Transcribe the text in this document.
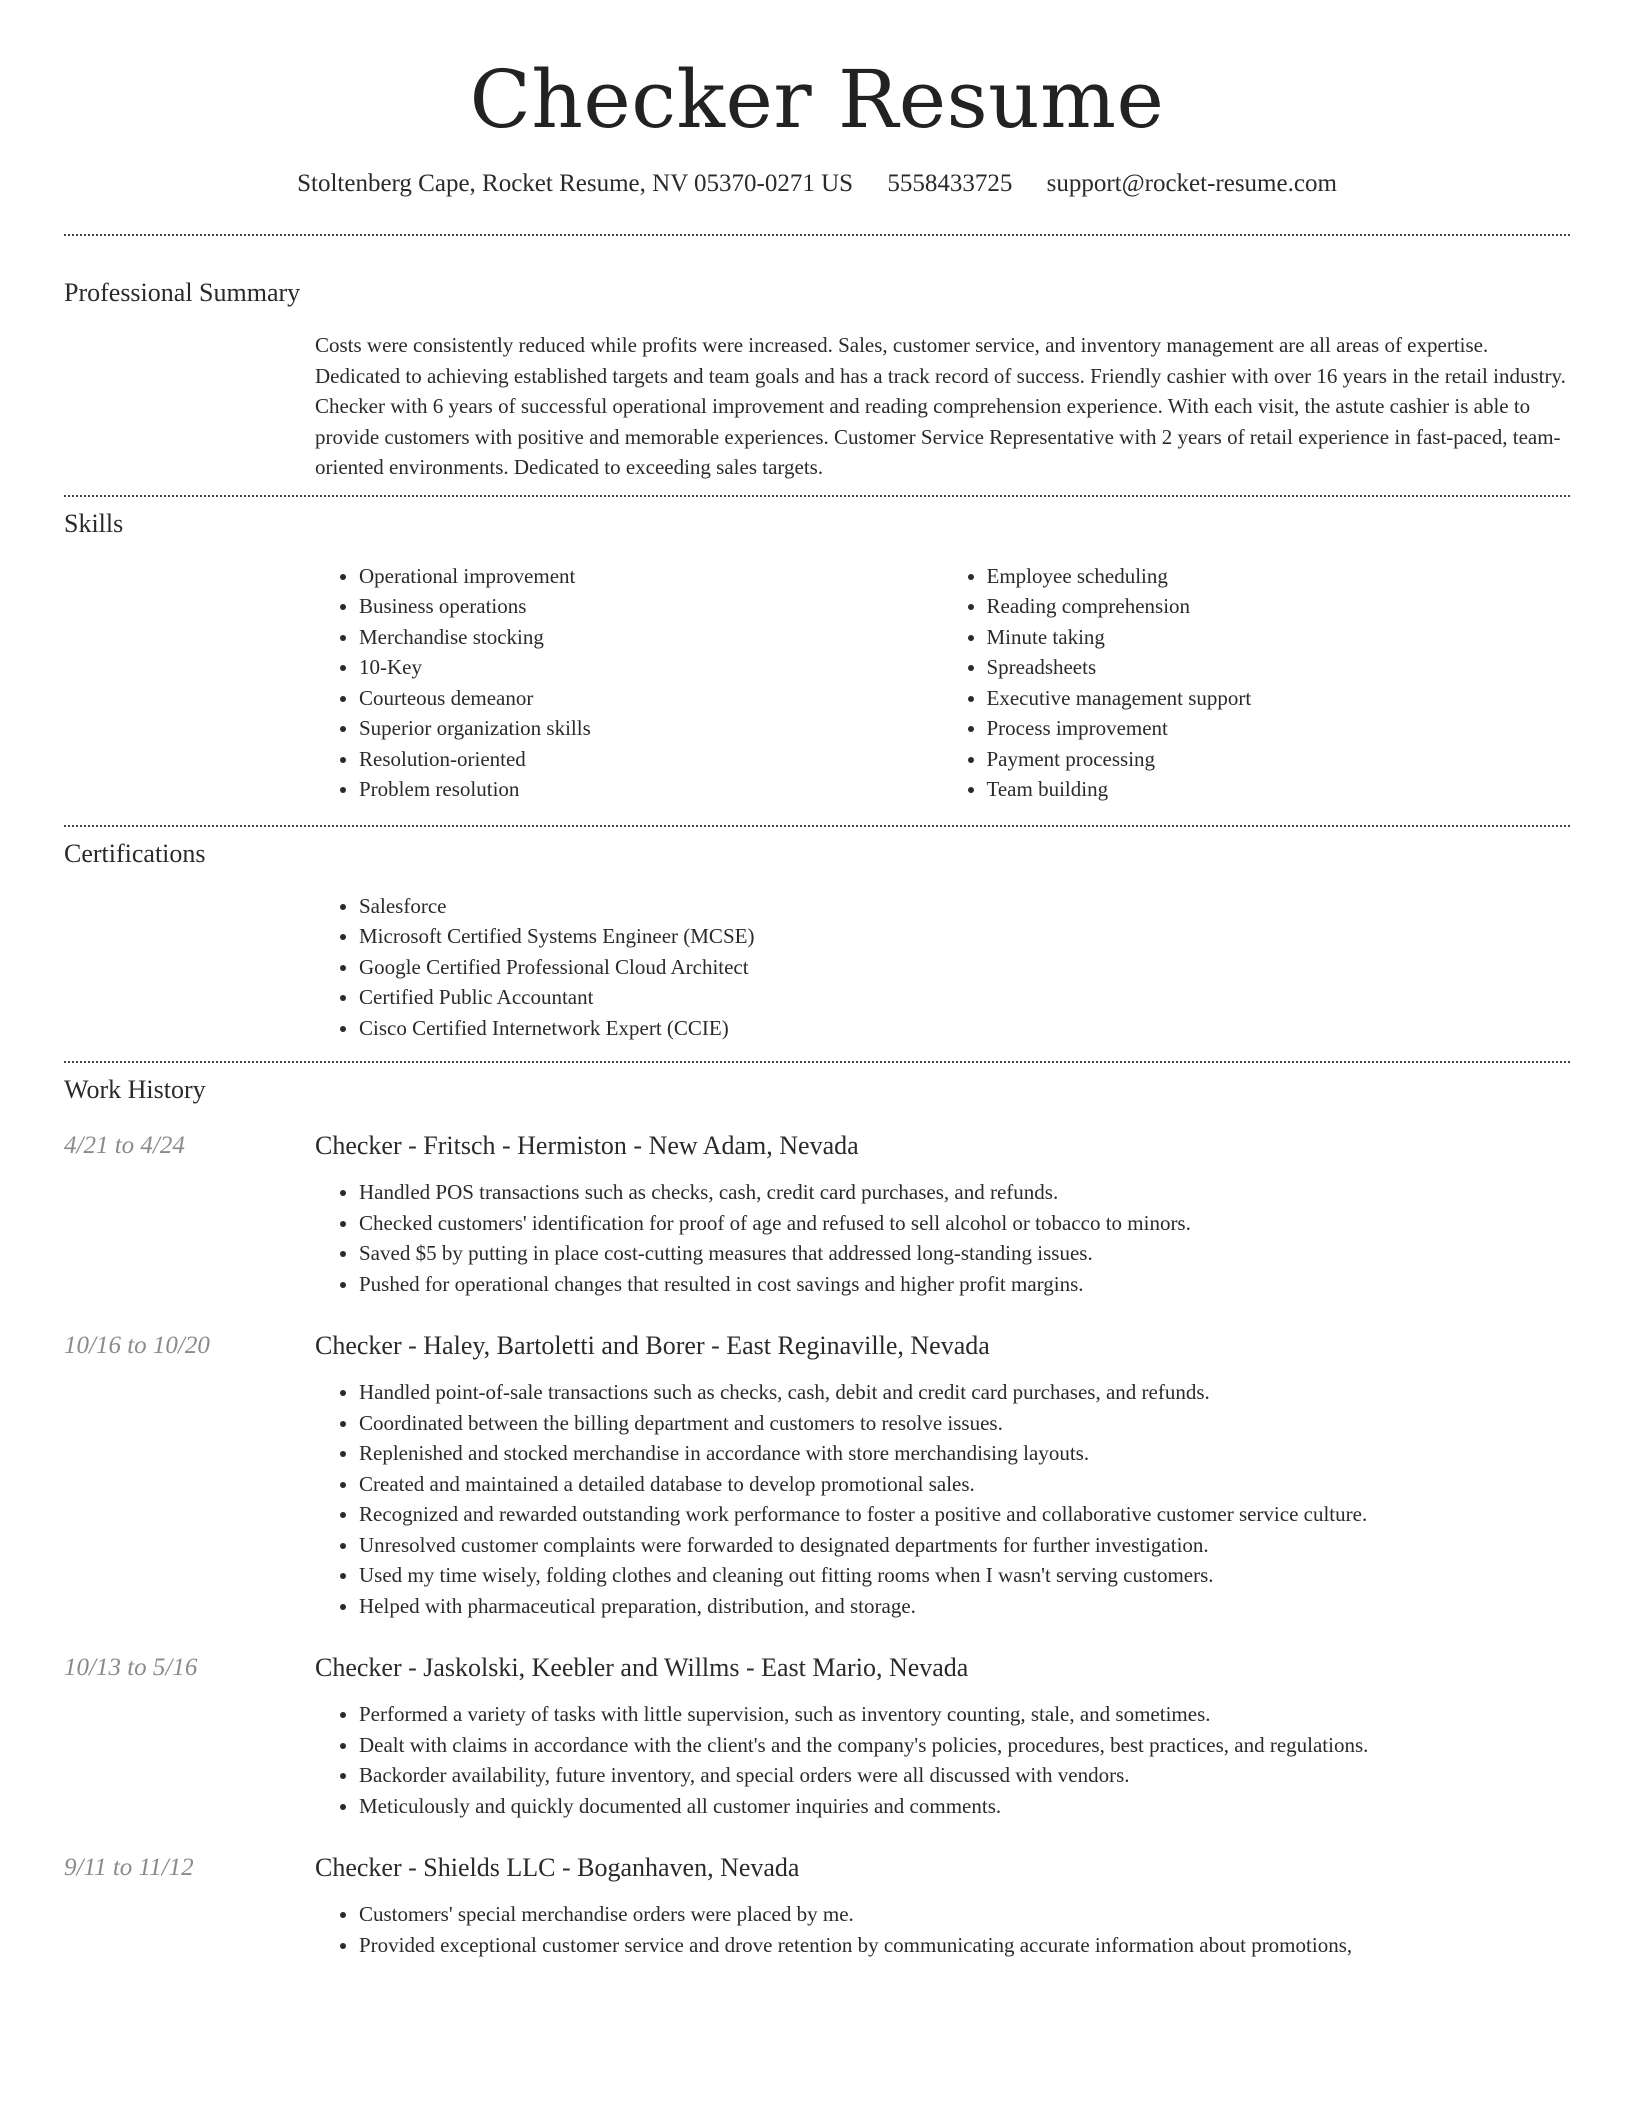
Checker Resume
Stoltenberg Cape, Rocket Resume, NV 05370-0271 US 5558433725 support@rocket-resume.com
Professional Summary

Costs were consistently reduced while profits were increased. Sales, customer service, and inventory management are all areas of expertise. Dedicated to achieving established targets and team goals and has a track record of success. Friendly cashier with over 16 years in the retail industry. Checker with 6 years of successful operational improvement and reading comprehension experience. With each visit, the astute cashier is able to provide customers with positive and memorable experiences. Customer Service Representative with 2 years of retail experience in fast-paced, team-oriented environments. Dedicated to exceeding sales targets.

Skills
• Operational improvement
• Business operations
• Merchandise stocking
• 10-Key
• Courteous demeanor
• Superior organization skills
• Resolution-oriented
• Problem resolution
• Employee scheduling
• Reading comprehension
• Minute taking
• Spreadsheets
• Executive management support
• Process improvement
• Payment processing
• Team building
Certifications
• Salesforce
• Microsoft Certified Systems Engineer (MCSE)
• Google Certified Professional Cloud Architect
• Certified Public Accountant
• Cisco Certified Internetwork Expert (CCIE)
Work History
4/21 to 4/24	Checker - Fritsch - Hermiston - New Adam, Nevada
• Handled POS transactions such as checks, cash, credit card purchases, and refunds.
• Checked customers' identification for proof of age and refused to sell alcohol or tobacco to minors.
• Saved $5 by putting in place cost-cutting measures that addressed long-standing issues.
• Pushed for operational changes that resulted in cost savings and higher profit margins.
10/16 to 10/20	Checker - Haley, Bartoletti and Borer - East Reginaville, Nevada
• Handled point-of-sale transactions such as checks, cash, debit and credit card purchases, and refunds.
• Coordinated between the billing department and customers to resolve issues.
• Replenished and stocked merchandise in accordance with store merchandising layouts.
• Created and maintained a detailed database to develop promotional sales.
• Recognized and rewarded outstanding work performance to foster a positive and collaborative customer service culture.
• Unresolved customer complaints were forwarded to designated departments for further investigation.
• Used my time wisely, folding clothes and cleaning out fitting rooms when I wasn't serving customers.
• Helped with pharmaceutical preparation, distribution, and storage.
10/13 to 5/16	Checker - Jaskolski, Keebler and Willms - East Mario, Nevada
• Performed a variety of tasks with little supervision, such as inventory counting, stale, and sometimes.
• Dealt with claims in accordance with the client's and the company's policies, procedures, best practices, and regulations.
• Backorder availability, future inventory, and special orders were all discussed with vendors.
• Meticulously and quickly documented all customer inquiries and comments.
9/11 to 11/12	Checker - Shields LLC - Boganhaven, Nevada
• Customers' special merchandise orders were placed by me.
• Provided exceptional customer service and drove retention by communicating accurate information about promotions,
